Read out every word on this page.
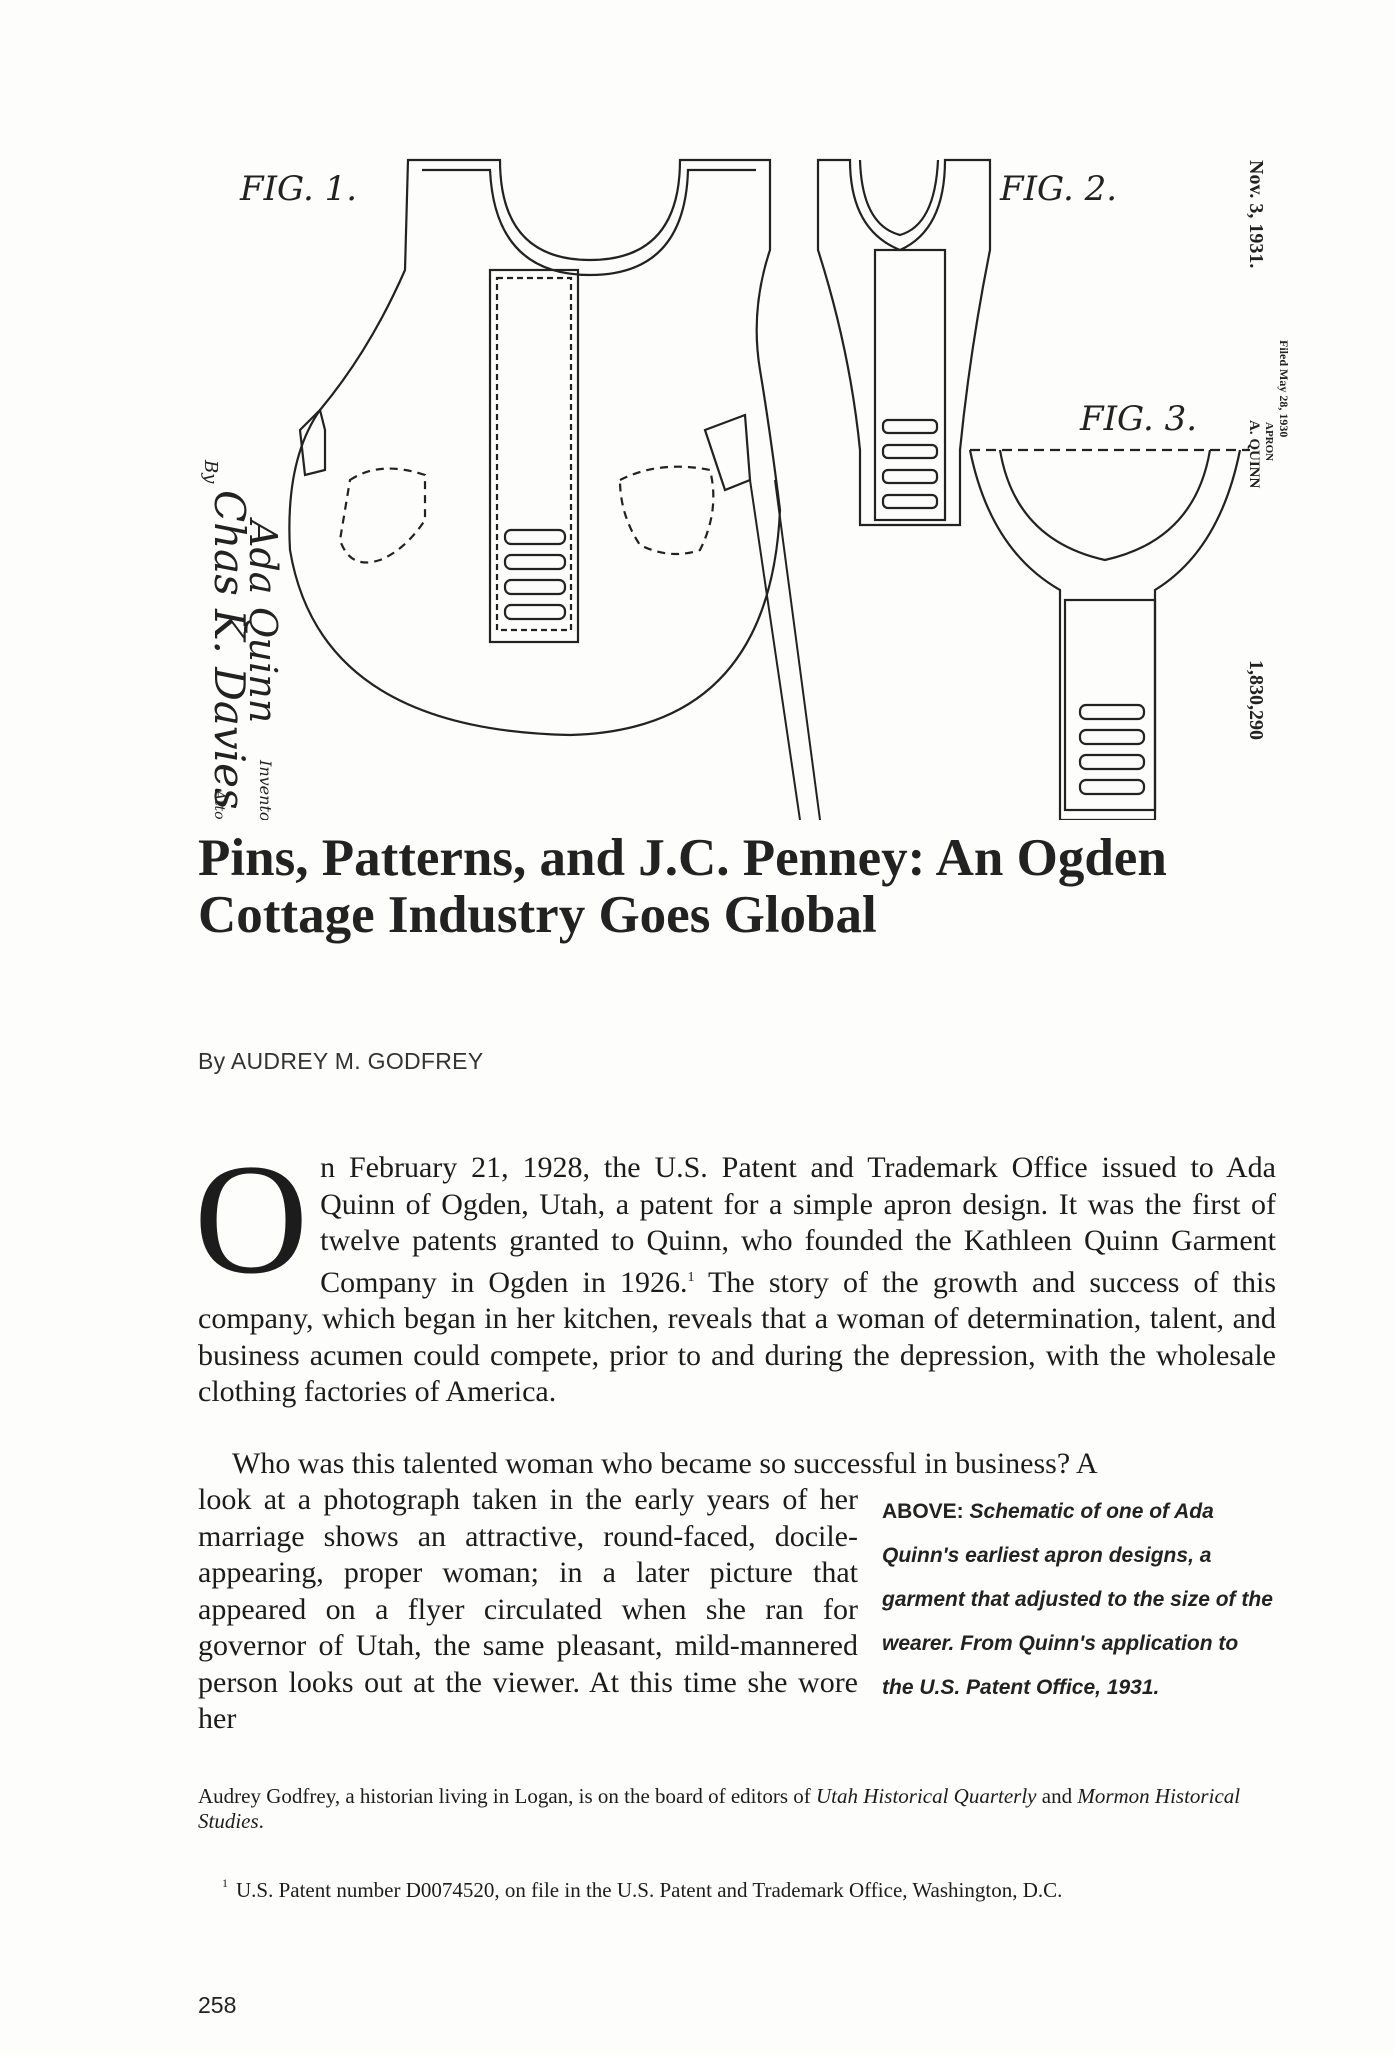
FIG. 1.	FIG. 2.
FIG. 3.
Nov. 3, 1931.
A. QUINN APRON
Filed May 28, 1930
1,830,290
By
Chas K. Davies
Ada Quinn
Inventor
Pins, Patterns, and J.C. Penney: An Ogden Cottage Industry Goes Global
By AUDREY M. GODFREY
O n February 21, 1928, the U.S. Patent and Trademark Office issued to Ada Quinn of Ogden, Utah, a patent for a simple apron design. It was the first of twelve patents granted to Quinn, who founded the Kathleen Quinn Garment Company in Ogden in 1926.$^1$ The story of the growth and success of this company, which began in her kitchen, reveals that a woman of determination, talent, and business acumen could compete, prior to and during the depression, with the wholesale clothing factories of America.

Who was this talented woman who became so successful in business? A

look at a photograph taken in the early years of her marriage shows an attractive, round-faced, docile-appearing, proper woman; in a later picture that appeared on a flyer circulated when she ran for governor of Utah, the same pleasant, mild-mannered person looks out at the viewer. At this time she wore her

ABOVE: Schematic of one of Ada Quinn's earliest apron designs, a garment that adjusted to the size of the wearer. From Quinn's application to the U.S. Patent Office, 1931.

Audrey Godfrey, a historian living in Logan, is on the board of editors of Utah Historical Quarterly and Mormon Historical Studies.

$^1$ U.S. Patent number D0074520, on file in the U.S. Patent and Trademark Office, Washington, D.C.

258
